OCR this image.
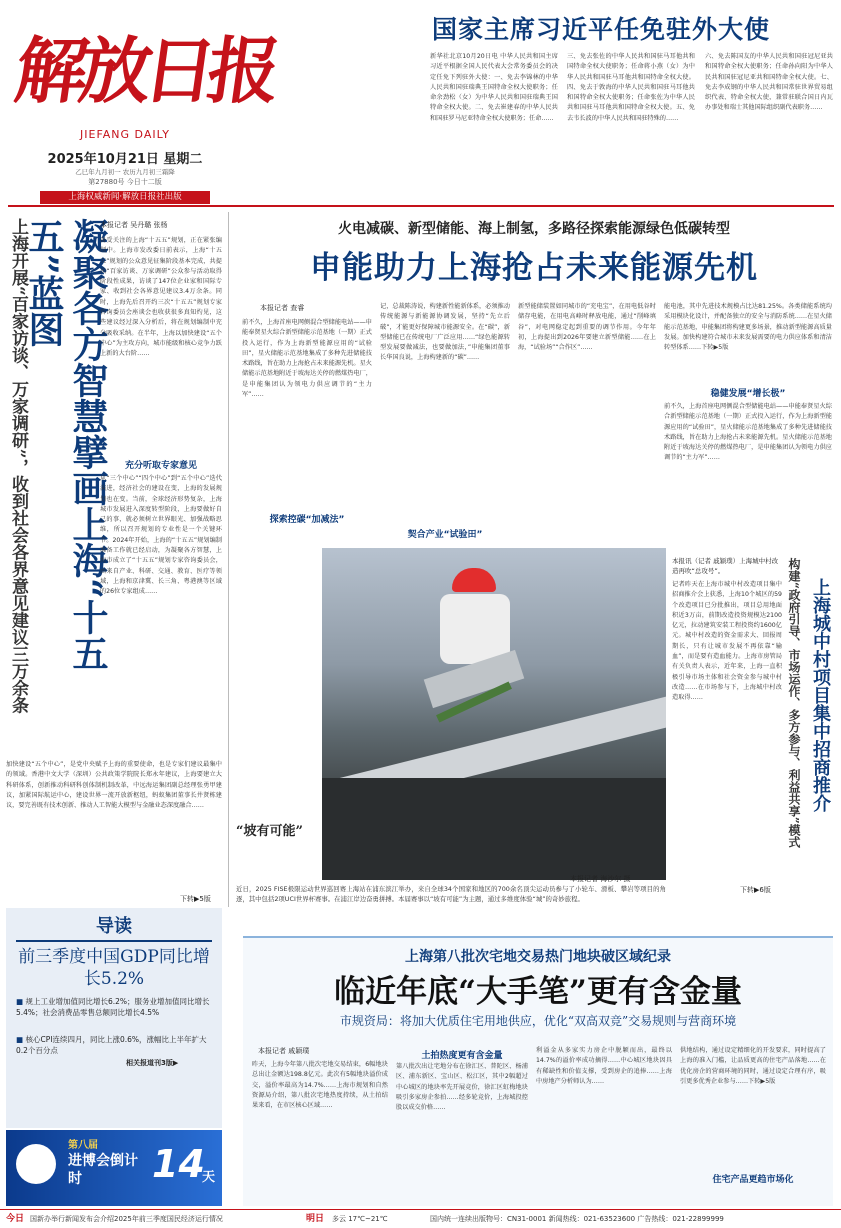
解放日报
JIEFANG DAILY
2025年10月21日 星期二
乙巳年九月初一 农历九月初三霜降
第27880号 今日十二版
上海权威新闻·解放日报社出版
国家主席习近平任免驻外大使
新华社北京10月20日电 中华人民共和国主席习近平根据全国人民代表大会常务委员会的决定任免下列驻外大使：一、免去李锦林的中华人民共和国驻瑞典王国特命全权大使职务；任命余劲松（女）为中华人民共和国驻瑞典王国特命全权大使。二、免去崔建春的中华人民共和国驻罗马尼亚特命全权大使职务；任命……
三、免去张佐的中华人民共和国驻马耳他共和国特命全权大使职务；任命蒋小燕（女）为中华人民共和国驻马耳他共和国特命全权大使。四、免去于敦海的中华人民共和国驻马耳他共和国特命全权大使职务；任命张佐为中华人民共和国驻马耳他共和国特命全权大使。五、免去韦长波的中华人民共和国驻特殊的……
六、免去陈国友的中华人民共和国驻冠尼亚共和国特命全权大使职务；任命孙向阳为中华人民共和国驻冠尼亚共和国特命全权大使。七、免去李成钢的中华人民共和国常驻世界贸易组织代表、特命全权大使，兼常驻联合国日内瓦办事处和瑞士其他国际组织副代表职务……
凝聚各方智慧擘画上海“十五五”蓝图
上海开展“百家访谈、万家调研”，收到社会各界意见建议三万余条	本报记者 吴丹璐 张杨
备受关注的上海“十五五”规划，正在紧张编制中。上海市发改委日前表示，上海“十五五”规划的公众意见征集阶段基本完成，共提出“百家访谈、万家调研”公众参与活动取得阶段性成果，访谈了147位企业家和国际专家、收到社会各界意见建议3.4万余条。同时，上海先后召开约三次“十五五”规划专家咨询委员会座谈会也收获很多真知灼见，这些建议经过深入分析后，将在规划编制中充分吸收采纳。在半年，上海以加快建设“五个中心”为主攻方向，城市能级和核心竞争力跃上新的大台阶……
充分听取专家意见
从“三个中心”“四个中心”到“五个中心”迭代演进，经济社会的建设在变，上海的发展规划也在变。当前，全球经济形势复杂，上海城市发展进入深度转型阶段，上海要做好自己的事，就必须树立世界眼光、加强战略思维，所以召开规划的专业性是一个关键环节。2024年开始，上海的“十五五”规划编制准备工作就已经启动，为凝聚各方智慧，上海市成立了“十五五”规划专家咨询委员会，由来自产业、科研、交通、教育、医疗等领域，上海和京津冀、长三角、粤港澳等区域的26位专家组成……
加快建设“五个中心”，是党中央赋予上海的重要使命，也是专家们建议最集中的领域。香港中文大学（深圳）公共政策学院院长郑永年建议，上海要建立大科研体系，创新推动科研科创体制机制改革，中远海运集团副总经理张勇甲建议，加紧国际航运中心，建设世界一流开放新枢纽，蚂蚁集团董事长井贤栋建议，要完善既有技术创新、推动人工智能大模型与金融业态深度融合……
下转▶5版
导读
前三季度中国GDP同比增长5.2%
■ 规上工业增加值同比增长6.2%；服务业增加值同比增长5.4%；社会消费品零售总额同比增长4.5%
■ 核心CPI连续四月，同比上涨0.6%，涨幅比上半年扩大0.2个百分点
相关报道刊3版▶
第八届
进博会倒计时	14
天
火电减碳、新型储能、海上制氢，多路径探索能源绿色低碳转型
申能助力上海抢占未来能源先机
本报记者 查睿
前不久，上海首座电网侧混合型储能电站——申能奉贤星火综合新型储能示范基地（一期）正式投入运行，作为上海新型能源应用的“试验田”，星火储能示范基地集成了多种先进储能技术路线，旨在助力上海抢占未来能源先机。星火储能示范基地附近于坡海达关停的燃煤热电厂，是申能集团认为领电力供应调节的“主力军”……
探索控碳“加减法”
记，总裁陈涛说，构建新性能新体系，必须推动传统能源与新能源协调发展，坚持“先立后破”，才能更好保障城市能源安全。在“碳”，新型储能已在传统电厂广泛应用……“绿色能源转型发展要做减法，也要做加法，”申能集团董事长华国良说，上海构建新的“碳”……
契合产业“试验田”
新型能储装置如同城市的“充电宝”，在用电低谷时储存电能，在用电高峰时释放电能，通过“削峰填谷”，对电网稳定起到重要的调节作用。今年年初，上海提出到2026年要建立新型储能……在上海，“试验场”“合作区”……
稳健发展“增长极”
能电池，其中先进技术规模占比达81.25%。各类储能系统均采用模块化设计，并配备独立的安全与消防系统……在星火储能示范基地，申能集团将构建更多场景，推动新型能源高质量发展。加快构建符合城市未来发展需要的电力供应体系和清洁转型体系……下转▶5版
前不久，上海首座电网侧混合型储能电站——申能奉贤星火综合新型储能示范基地（一期）正式投入运行，作为上海新型能源应用的“试验田”，星火储能示范基地集成了多种先进储能技术路线，旨在助力上海抢占未来能源先机。星火储能示范基地附近于坡海达关停的燃煤热电厂，是申能集团认为领电力供应调节的“主力军”……
“坡有可能”
近日，2025 FISE极限运动世界巡回赛上海站在浦东滨江举办，来自全球34个国家和地区的700余名顶尖运动员参与了小轮车、滑板、攀岩等项目的角逐，其中包括2项UCI世界杯赛事。在浦江岸边奋勇拼搏。本届赛事以“坡有可能”为主题，通过多维度体验“城”的奇妙旅程。
本报记者 海沙尔 摄
本报讯（记者 戚颖璞）上海城中村改造再吹“总攻号”。
记者昨天在上海市城中村改造项目集中招商推介会上获悉，上海10个城区的59个改造项目已分批推出，项目总用地面积近3万亩，前期改造投资规模达2100亿元，拉动建筑安装工程投资约1600亿元。城中村改造的资金需求大、回报周期长，只有让城市发展不再依靠“输血”，而是要有造血能力。上海市房管局有关负责人表示，近年来，上海一直积极引导市场主体和社会资金参与城中村改造……在市场参与下，上海城中村改造取得……
下转▶6版
上海城中村项目集中招商推介
构建“政府引导、市场运作、多方参与、利益共享”模式
上海第八批次宅地交易热门地块破区域纪录
临近年底“大手笔”更有含金量
市规资局：将加大优质住宅用地供应，优化“双高双竞”交易规则与营商环境
本报记者 戚颖璞
昨天，上海今年第八批次宅地交易结束，6幅地块总出让金额达198.8亿元。此次有5幅地块溢价成交，溢价率最高为14.7%……上海市规划和自然资源局介绍，第八批次宅地热度持续，从土拍结果来看，在市区核心区域……
土拍热度更有含金量
第八批次出让宅地分布在徐汇区、普陀区、杨浦区、浦东新区、宝山区、松江区，其中2幅超过中心城区的地块率先开展竞价，徐汇区虹梅地块吸引多家房企参拍……经多轮竞价，上海城投控股以成交价格……
利溢金从多家实力房企中脱颖而出，最终以14.7%的溢价率成功摘得……中心城区地块因具有稀缺性和价值支撑，受到房企的追捧……上海中房地产分析师认为……
供地结构，通过设定精细化的开发要求，同时提高了上海的准入门槛，让品质更高的住宅产品落地……在优化房企的营商环境的同时，通过设定合理有序，吸引更多优秀企业参与……下转▶5版
住宅产品更趋市场化
今日 国新办举行新闻发布会介绍2025年前三季度国民经济运行情况	明日 多云 17℃~21℃	国内统一连续出版物号：CN31-0001 新闻热线：021-63523600 广告热线：021-22899999
